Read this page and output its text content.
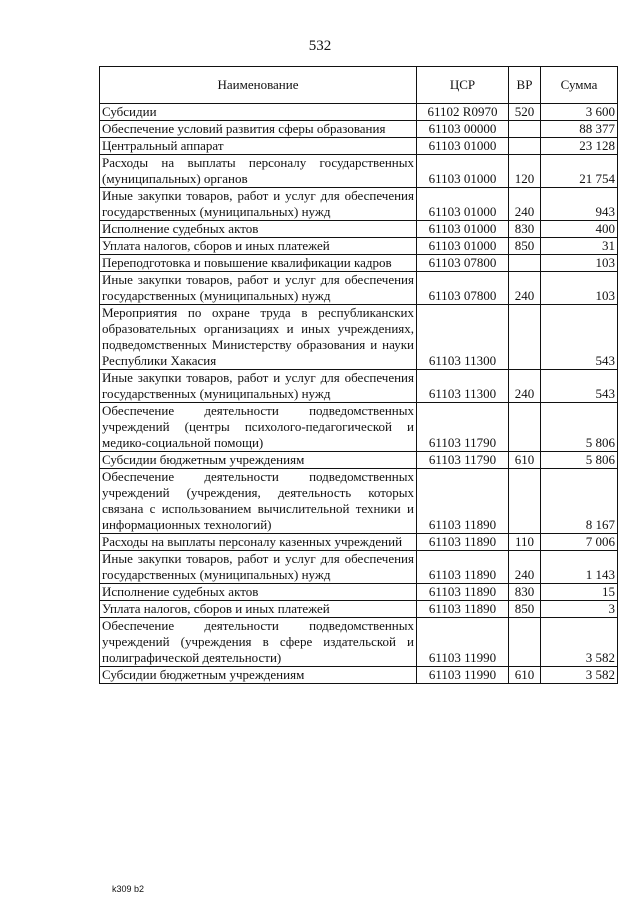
532
Наименование	ЦСР	ВР	Сумма
Субсидии	61102 R0970	520	3 600
Обеспечение условий развития сферы образования	61103 00000		88 377
Центральный аппарат	61103 01000		23 128
Расходы на выплаты персоналу государственных (муниципальных) органов	61103 01000	120	21 754
Иные закупки товаров, работ и услуг для обеспечения государственных (муниципальных) нужд	61103 01000	240	943
Исполнение судебных актов	61103 01000	830	400
Уплата налогов, сборов и иных платежей	61103 01000	850	31
Переподготовка и повышение квалификации кадров	61103 07800		103
Иные закупки товаров, работ и услуг для обеспечения государственных (муниципальных) нужд	61103 07800	240	103
Мероприятия по охране труда в республиканских образовательных организациях и иных учреждениях, подведомственных Министерству образования и науки Республики Хакасия	61103 11300		543
Иные закупки товаров, работ и услуг для обеспечения государственных (муниципальных) нужд	61103 11300	240	543
Обеспечение деятельности подведомственных учреждений (центры психолого-педагогической и медико-социальной помощи)	61103 11790		5 806
Субсидии бюджетным учреждениям	61103 11790	610	5 806
Обеспечение деятельности подведомственных учреждений (учреждения, деятельность которых связана с использованием вычислительной техники и информационных технологий)	61103 11890		8 167
Расходы на выплаты персоналу казенных учреждений	61103 11890	110	7 006
Иные закупки товаров, работ и услуг для обеспечения государственных (муниципальных) нужд	61103 11890	240	1 143
Исполнение судебных актов	61103 11890	830	15
Уплата налогов, сборов и иных платежей	61103 11890	850	3
Обеспечение деятельности подведомственных учреждений (учреждения в сфере издательской и полиграфической деятельности)	61103 11990		3 582
Субсидии бюджетным учреждениям	61103 11990	610	3 582
k309 b2
